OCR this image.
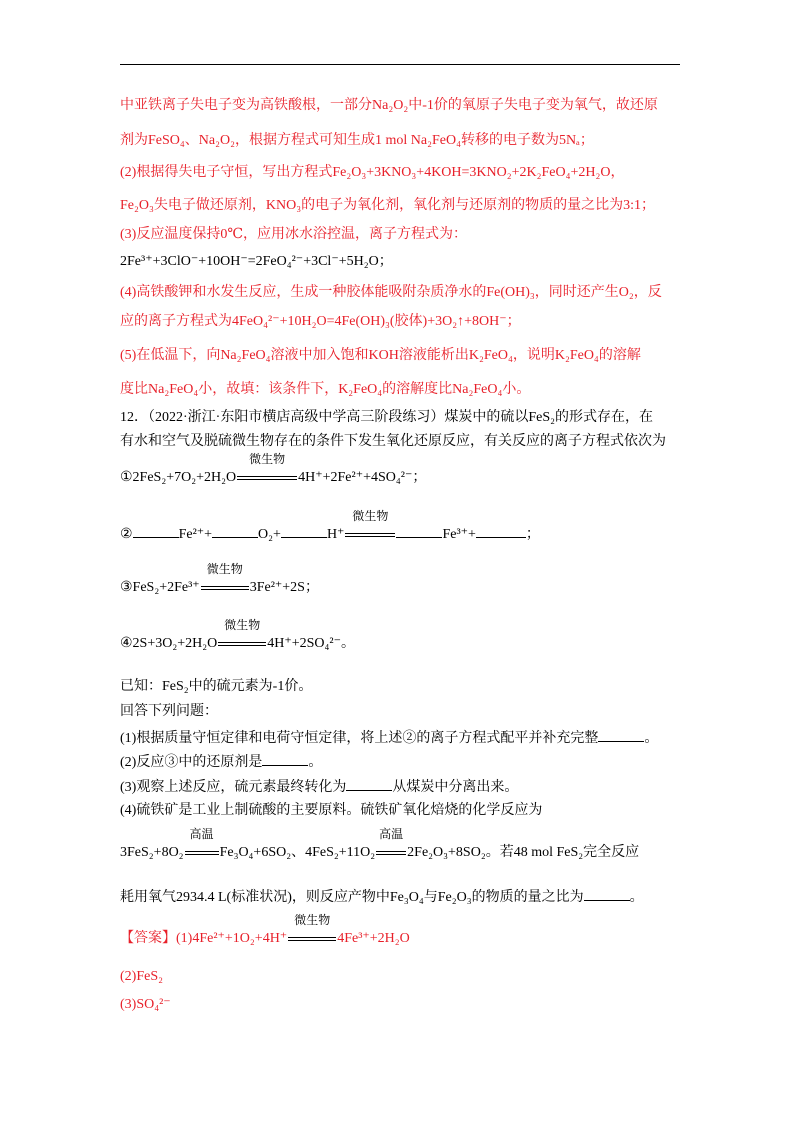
中亚铁离子失电子变为高铁酸根，一部分Na₂O₂中-1价的氧原子失电子变为氧气，故还原
剂为FeSO₄、Na₂O₂，根据方程式可知生成1 mol Na₂FeO₄转移的电子数为5Nₐ；
(2)根据得失电子守恒，写出方程式Fe₂O₃+3KNO₃+4KOH=3KNO₂+2K₂FeO₄+2H₂O，
Fe₂O₃失电子做还原剂，KNO₃的电子为氧化剂，氧化剂与还原剂的物质的量之比为3:1；
(3)反应温度保持0℃，应用冰水浴控温，离子方程式为：
2Fe³⁺+3ClO⁻+10OH⁻=2FeO₄²⁻+3Cl⁻+5H₂O；
(4)高铁酸钾和水发生反应，生成一种胶体能吸附杂质净水的Fe(OH)₃，同时还产生O₂，反
应的离子方程式为4FeO₄²⁻+10H₂O=4Fe(OH)₃(胶体)+3O₂↑+8OH⁻；
(5)在低温下，向Na₂FeO₄溶液中加入饱和KOH溶液能析出K₂FeO₄，说明K₂FeO₄的溶解
度比Na₂FeO₄小，故填：该条件下，K₂FeO₄的溶解度比Na₂FeO₄小。
12．（2022·浙江·东阳市横店高级中学高三阶段练习）煤炭中的硫以FeS₂的形式存在，在
有水和空气及脱硫微生物存在的条件下发生氧化还原反应，有关反应的离子方程式依次为
①2FeS₂+7O₂+2H₂O
微生物
4H⁺+2Fe²⁺+4SO₄²⁻；
②	Fe²⁺+	O₂+	H⁺
微生物
Fe³⁺+	；
③FeS₂+2Fe³⁺
微生物
3Fe²⁺+2S；
④2S+3O₂+2H₂O
微生物
4H⁺+2SO₄²⁻。
已知：FeS₂中的硫元素为-1价。
回答下列问题：
(1)根据质量守恒定律和电荷守恒定律，将上述②的离子方程式配平并补充完整	。
(2)反应③中的还原剂是	。
(3)观察上述反应，硫元素最终转化为	从煤炭中分离出来。
(4)硫铁矿是工业上制硫酸的主要原料。硫铁矿氧化焙烧的化学反应为
3FeS₂+8O₂
高温
Fe₃O₄+6SO₂、4FeS₂+11O₂
高温
2Fe₂O₃+8SO₂。若48 mol FeS₂完全反应
耗用氧气2934.4 L(标准状况)，则反应产物中Fe₃O₄与Fe₂O₃的物质的量之比为	。
【答案】(1)4Fe²⁺+1O₂+4H⁺
微生物
4Fe³⁺+2H₂O
(2)FeS₂
(3)SO₄²⁻
